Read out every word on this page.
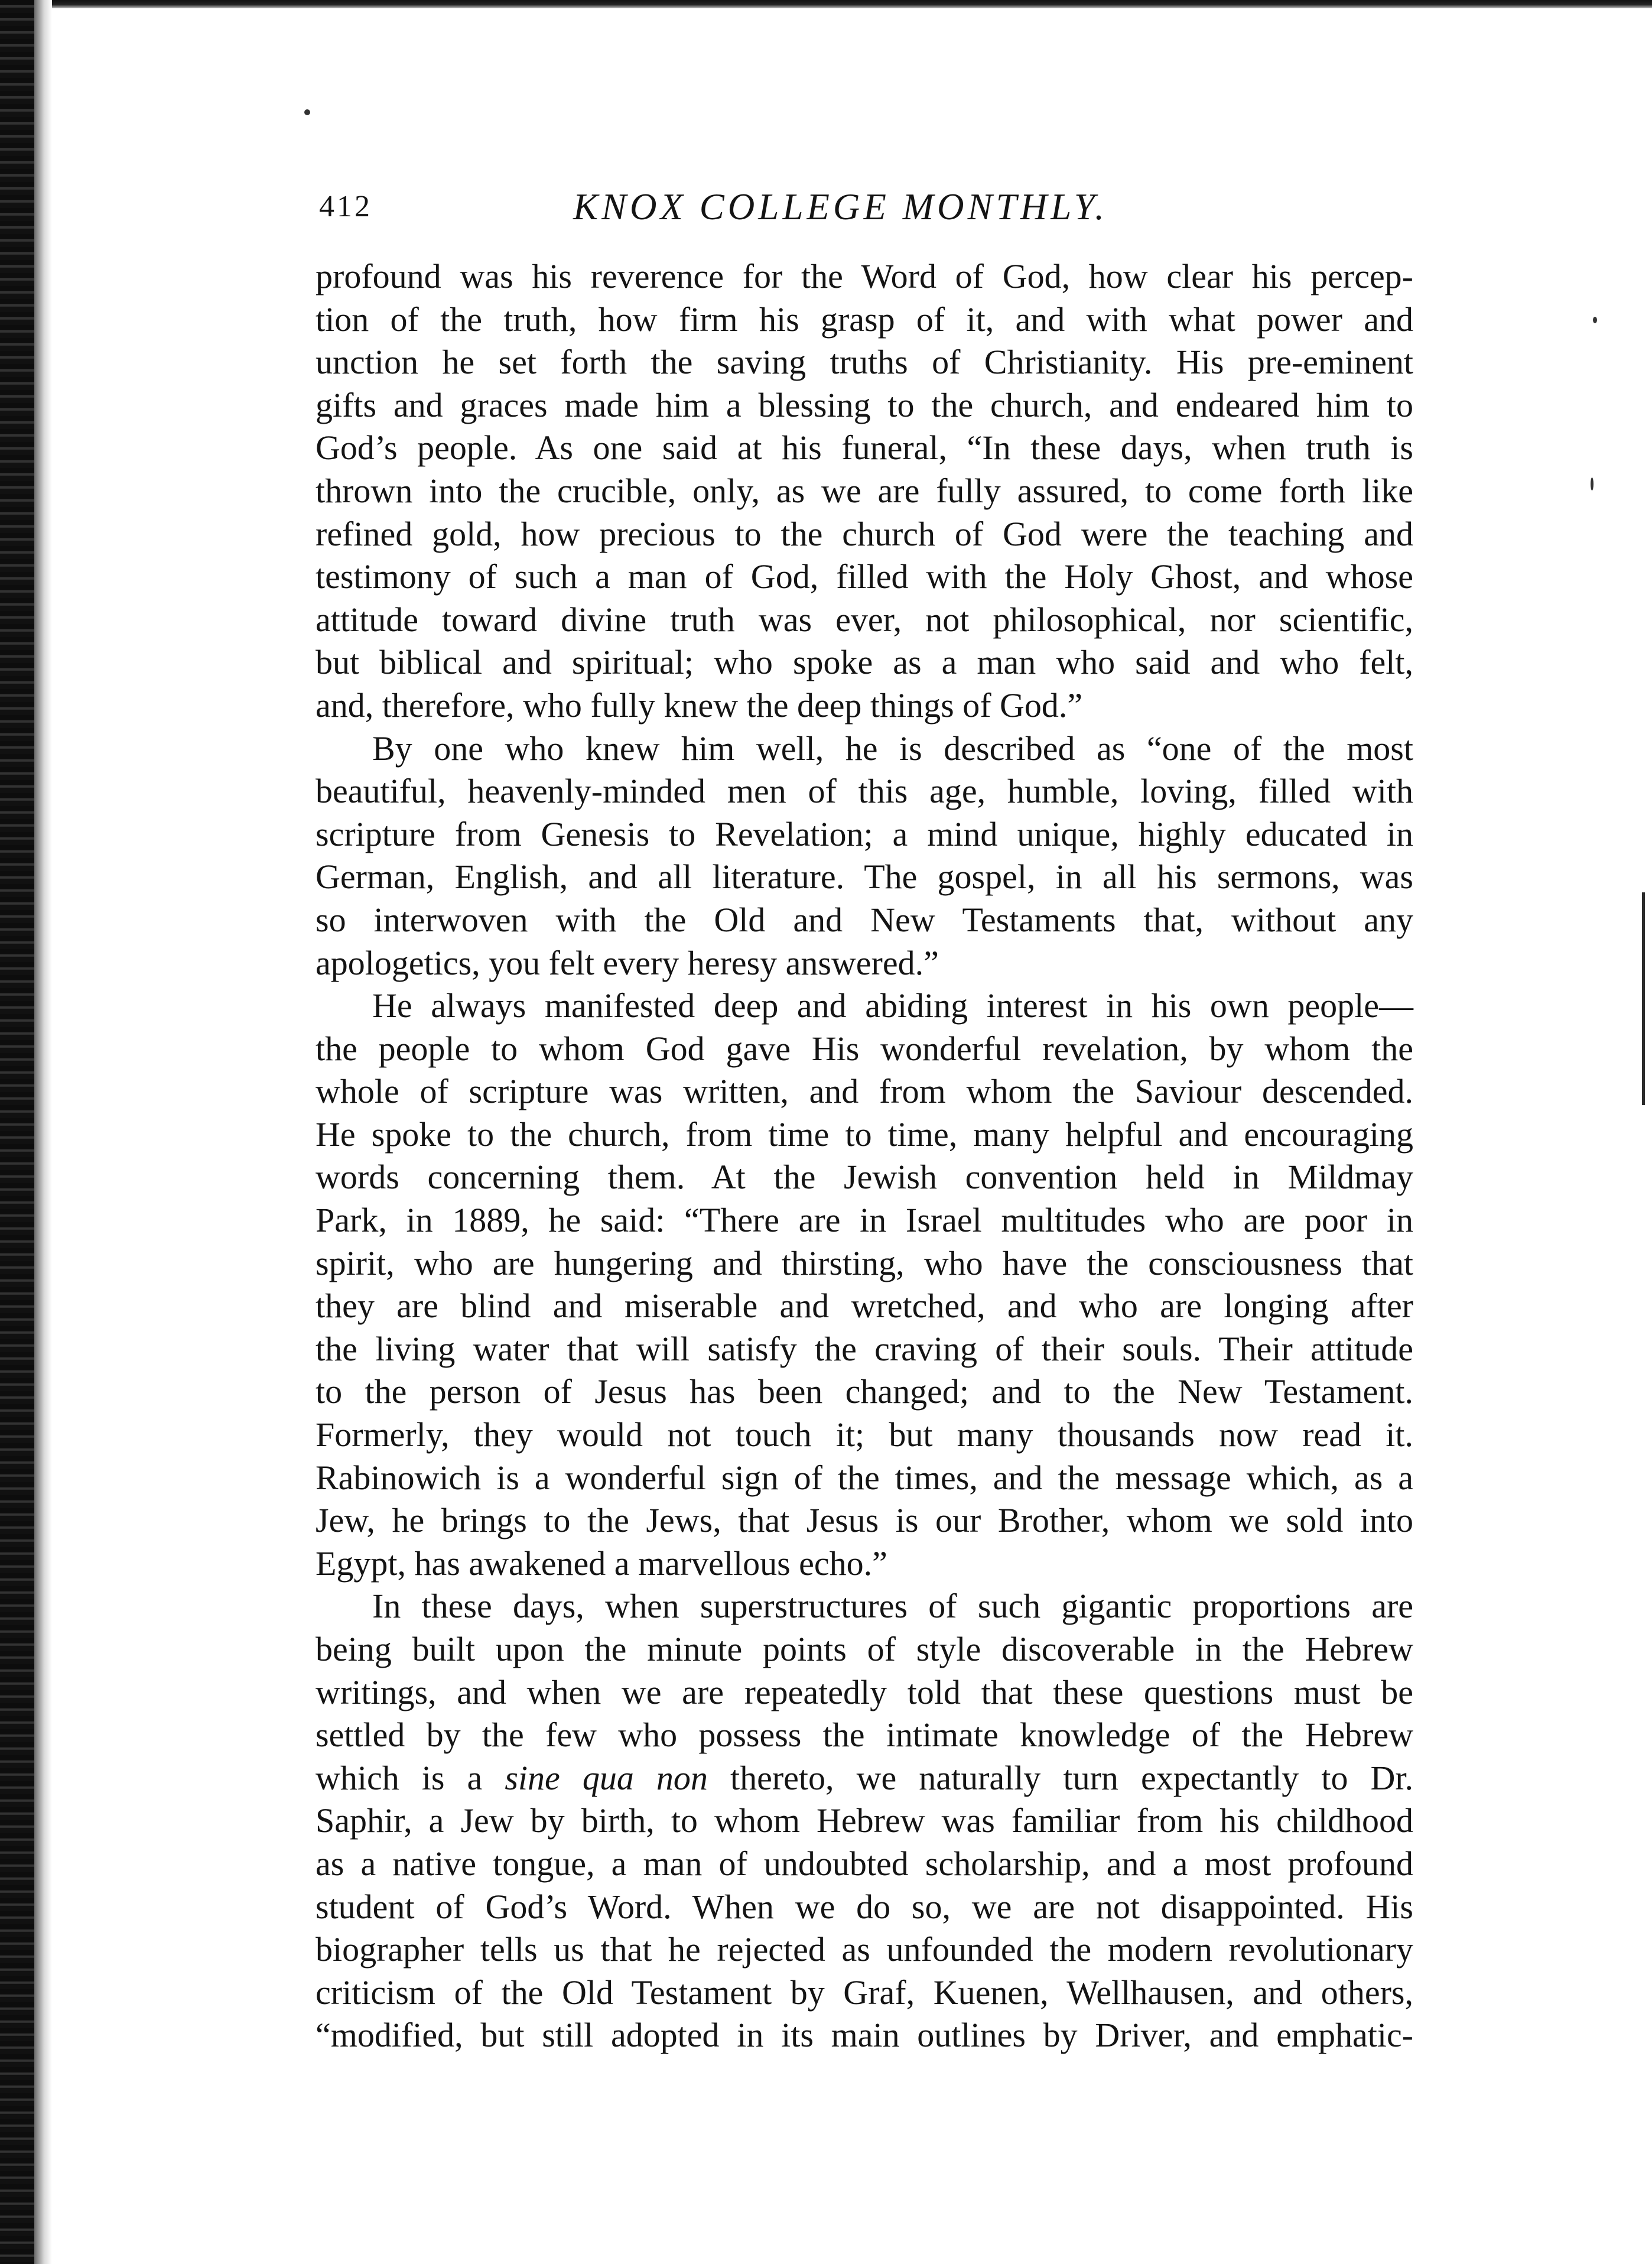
412	KNOX COLLEGE MONTHLY.
profound was his reverence for the Word of God, how clear his percep-
tion of the truth, how firm his grasp of it, and with what power and
unction he set forth the saving truths of Christianity. His pre-eminent
gifts and graces made him a blessing to the church, and endeared him to
God’s people. As one said at his funeral, “In these days, when truth is
thrown into the crucible, only, as we are fully assured, to come forth like
refined gold, how precious to the church of God were the teaching and
testimony of such a man of God, filled with the Holy Ghost, and whose
attitude toward divine truth was ever, not philosophical, nor scientific,
but biblical and spiritual; who spoke as a man who said and who felt,
and, therefore, who fully knew the deep things of God.”
By one who knew him well, he is described as “one of the most
beautiful, heavenly-minded men of this age, humble, loving, filled with
scripture from Genesis to Revelation; a mind unique, highly educated in
German, English, and all literature. The gospel, in all his sermons, was
so interwoven with the Old and New Testaments that, without any
apologetics, you felt every heresy answered.”
He always manifested deep and abiding interest in his own people—
the people to whom God gave His wonderful revelation, by whom the
whole of scripture was written, and from whom the Saviour descended.
He spoke to the church, from time to time, many helpful and encouraging
words concerning them. At the Jewish convention held in Mildmay
Park, in 1889, he said: “There are in Israel multitudes who are poor in
spirit, who are hungering and thirsting, who have the consciousness that
they are blind and miserable and wretched, and who are longing after
the living water that will satisfy the craving of their souls. Their attitude
to the person of Jesus has been changed; and to the New Testament.
Formerly, they would not touch it; but many thousands now read it.
Rabinowich is a wonderful sign of the times, and the message which, as a
Jew, he brings to the Jews, that Jesus is our Brother, whom we sold into
Egypt, has awakened a marvellous echo.”
In these days, when superstructures of such gigantic proportions are
being built upon the minute points of style discoverable in the Hebrew
writings, and when we are repeatedly told that these questions must be
settled by the few who possess the intimate knowledge of the Hebrew
which is a sine qua non thereto, we naturally turn expectantly to Dr.
Saphir, a Jew by birth, to whom Hebrew was familiar from his childhood
as a native tongue, a man of undoubted scholarship, and a most profound
student of God’s Word. When we do so, we are not disappointed. His
biographer tells us that he rejected as unfounded the modern revolutionary
criticism of the Old Testament by Graf, Kuenen, Wellhausen, and others,
“modified, but still adopted in its main outlines by Driver, and emphatic-
